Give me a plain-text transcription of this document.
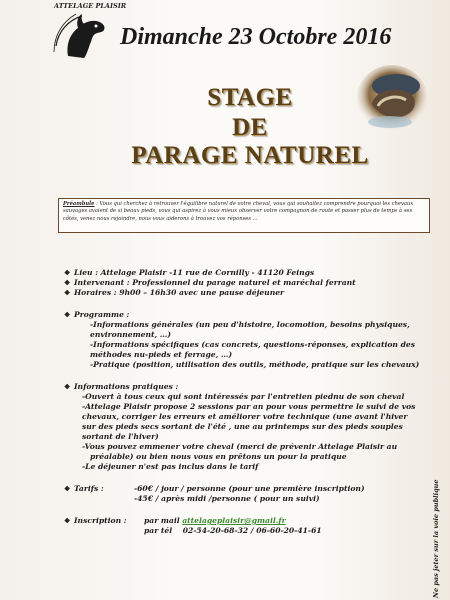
ATTELAGE PLAISIR
Dimanche 23 Octobre 2016
STAGE
DE
PARAGE NATUREL
Préambule : Vous qui cherchez à retrouver l'équilibre naturel de votre cheval, vous qui souhaitez comprendre pourquoi les chevaux sauvages avaient de si beaux pieds, vous qui aspirez à vous mieux observer votre compagnon de route et passer plus de temps à ses côtés, venez nous rejoindre, nous vous aiderons à trouvez vos réponses ...
❖ Lieu : Attelage Plaisir -11 rue de Cornilly - 41120 Feings
❖ Intervenant : Professionnel du parage naturel et maréchal ferrant
❖ Horaires : 9h00 – 16h30 avec une pause déjeuner
❖ Programme :
-Informations générales (un peu d'histoire, locomotion, besoins physiques,
environnement, …)
-Informations spécifiques (cas concrets, questions-réponses, explication des
méthodes nu-pieds et ferrage, …)
-Pratique (position, utilisation des outils, méthode, pratique sur les chevaux)
❖ Informations pratiques :
-Ouvert à tous ceux qui sont intéressés par l'entretien piednu de son cheval
-Attelage Plaisir propose 2 sessions par an pour vous permettre le suivi de vos
chevaux, corriger les erreurs et améliorer votre technique (une avant l'hiver
sur des pieds secs sortant de l'été , une au printemps sur des pieds souples
sortant de l'hiver)
-Vous pouvez emmener votre cheval (merci de prévenir Attelage Plaisir au
préalable) ou bien nous vous en prêtons un pour la pratique
-Le déjeuner n'est pas inclus dans le tarif
❖ Tarifs :	-60€ / jour / personne (pour une première inscription)
-45€ / après midi /personne ( pour un suivi)
❖ Inscription :	par mail attelageplaisir@gmail.fr
par tél 02-54-20-68-32 / 06-60-20-41-61	Ne pas jeter sur la voie publique
